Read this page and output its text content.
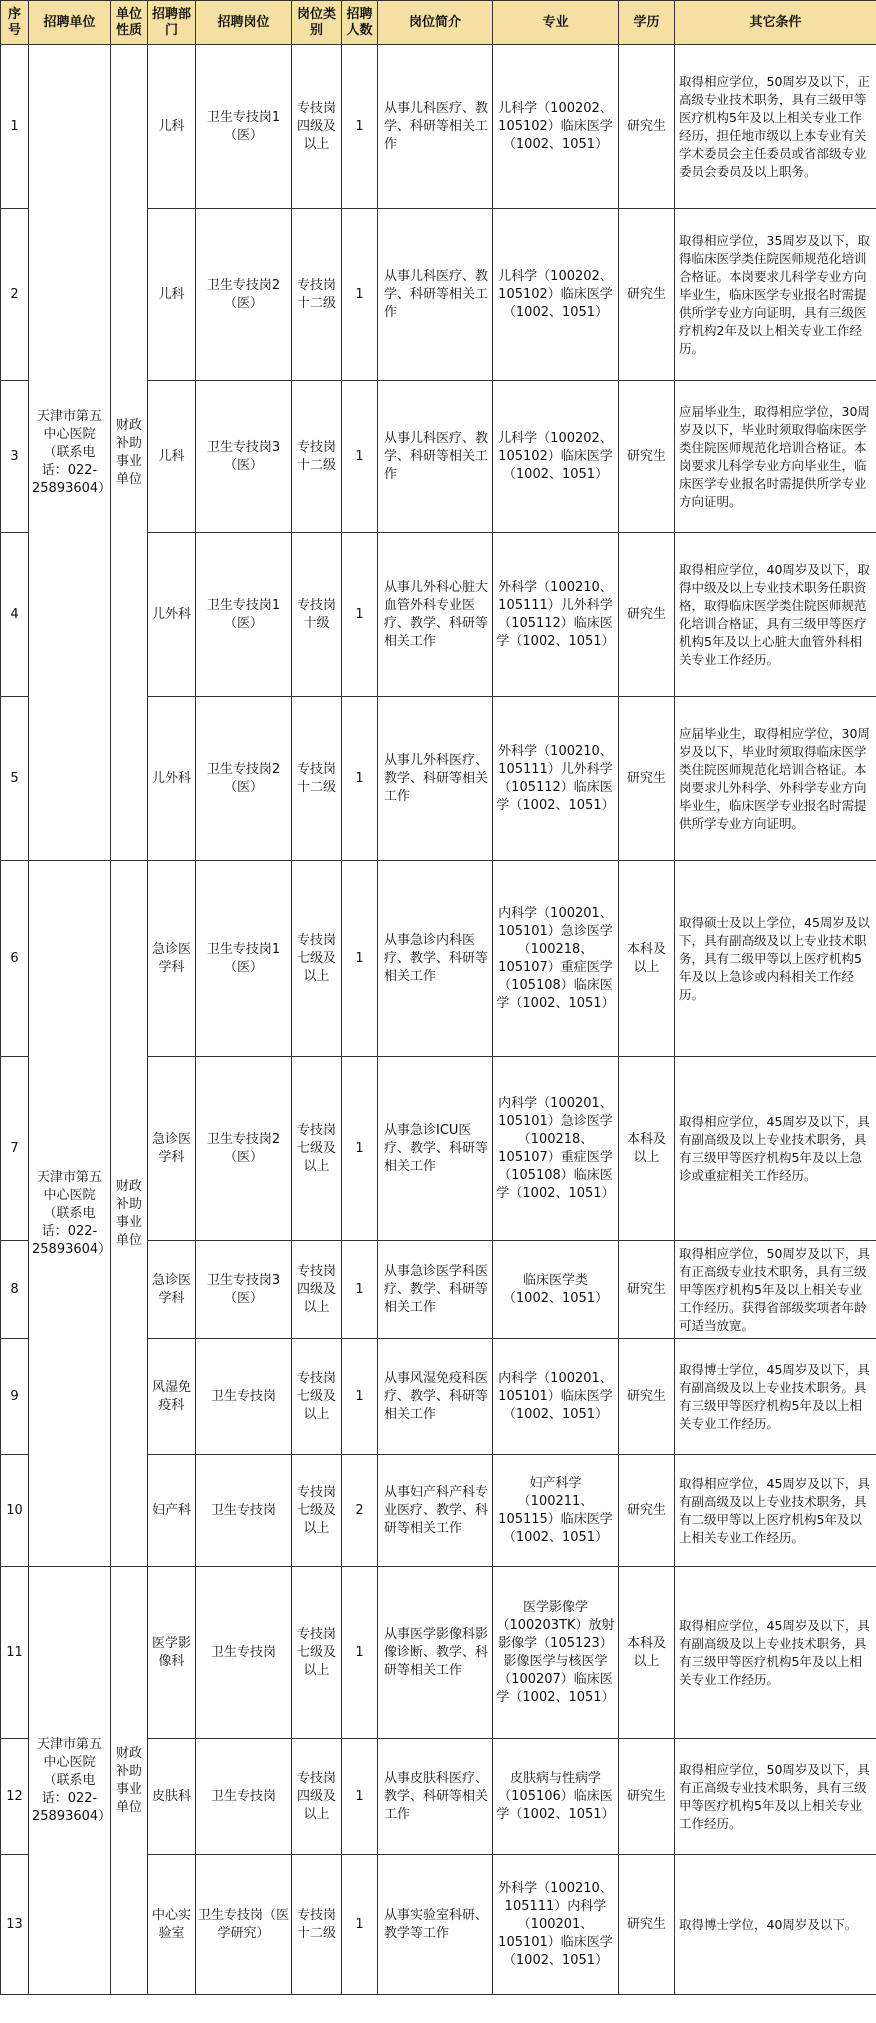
序号	招聘单位	单位性质	招聘部门	招聘岗位	岗位类别	招聘人数	岗位简介	专业	学历	其它条件
1	天津市第五中心医院（联系电话：022-25893604）	财政补助事业单位	儿科	卫生专技岗1（医）	专技岗四级及以上	1	从事儿科医疗、教学、科研等相关工作	儿科学（100202、105102）临床医学（1002、1051）	研究生	取得相应学位，50周岁及以下，正高级专业技术职务，具有三级甲等医疗机构5年及以上相关专业工作经历，担任地市级以上本专业有关学术委员会主任委员或省部级专业委员会委员及以上职务。
2			儿科	卫生专技岗2（医）	专技岗十二级	1	从事儿科医疗、教学、科研等相关工作	儿科学（100202、105102）临床医学（1002、1051）	研究生	取得相应学位，35周岁及以下，取得临床医学类住院医师规范化培训合格证。本岗要求儿科学专业方向毕业生，临床医学专业报名时需提供所学专业方向证明，具有三级医疗机构2年及以上相关专业工作经历。
3			儿科	卫生专技岗3（医）	专技岗十二级	1	从事儿科医疗、教学、科研等相关工作	儿科学（100202、105102）临床医学（1002、1051）	研究生	应届毕业生，取得相应学位，30周岁及以下，毕业时须取得临床医学类住院医师规范化培训合格证。本岗要求儿科学专业方向毕业生，临床医学专业报名时需提供所学专业方向证明。
4			儿外科	卫生专技岗1（医）	专技岗十级	1	从事儿外科心脏大血管外科专业医疗、教学、科研等相关工作	外科学（100210、105111）儿外科学（105112）临床医学（1002、1051）	研究生	取得相应学位，40周岁及以下，取得中级及以上专业技术职务任职资格，取得临床医学类住院医师规范化培训合格证，具有三级甲等医疗机构5年及以上心脏大血管外科相关专业工作经历。
5			儿外科	卫生专技岗2（医）	专技岗十二级	1	从事儿外科医疗、教学、科研等相关工作	外科学（100210、105111）儿外科学（105112）临床医学（1002、1051）	研究生	应届毕业生，取得相应学位，30周岁及以下，毕业时须取得临床医学类住院医师规范化培训合格证。本岗要求儿外科学、外科学专业方向毕业生，临床医学专业报名时需提供所学专业方向证明。
6	天津市第五中心医院（联系电话：022-25893604）	财政补助事业单位	急诊医学科	卫生专技岗1（医）	专技岗七级及以上	1	从事急诊内科医疗、教学、科研等相关工作	内科学（100201、105101）急诊医学（100218、105107）重症医学（105108）临床医学（1002、1051）	本科及以上	取得硕士及以上学位，45周岁及以下，具有副高级及以上专业技术职务，具有二级甲等以上医疗机构5年及以上急诊或内科相关工作经历。
7			急诊医学科	卫生专技岗2（医）	专技岗七级及以上	1	从事急诊ICU医疗、教学、科研等相关工作	内科学（100201、105101）急诊医学（100218、105107）重症医学（105108）临床医学（1002、1051）	本科及以上	取得相应学位，45周岁及以下，具有副高级及以上专业技术职务，具有三级甲等医疗机构5年及以上急诊或重症相关工作经历。
8			急诊医学科	卫生专技岗3（医）	专技岗四级及以上	1	从事急诊医学科医疗、教学、科研等相关工作	临床医学类（1002、1051）	研究生	取得相应学位，50周岁及以下，具有正高级专业技术职务，具有三级甲等医疗机构5年及以上相关专业工作经历。获得省部级奖项者年龄可适当放宽。
9			风湿免疫科	卫生专技岗	专技岗七级及以上	1	从事风湿免疫科医疗、教学、科研等相关工作	内科学（100201、105101）临床医学（1002、1051）	研究生	取得博士学位，45周岁及以下，具有副高级及以上专业技术职务。具有三级甲等医疗机构5年及以上相关专业工作经历。
10			妇产科	卫生专技岗	专技岗七级及以上	2	从事妇产科产科专业医疗、教学、科研等相关工作	妇产科学（100211、105115）临床医学（1002、1051）	研究生	取得相应学位，45周岁及以下，具有副高级及以上专业技术职务，具有二级甲等以上医疗机构5年及以上相关专业工作经历。
11	天津市第五中心医院（联系电话：022-25893604）	财政补助事业单位	医学影像科	卫生专技岗	专技岗七级及以上	1	从事医学影像科影像诊断、教学、科研等相关工作	医学影像学（100203TK）放射影像学（105123）影像医学与核医学（100207）临床医学（1002、1051）	本科及以上	取得相应学位，45周岁及以下，具有副高级及以上专业技术职务，具有三级甲等医疗机构5年及以上相关专业工作经历。
12			皮肤科	卫生专技岗	专技岗四级及以上	1	从事皮肤科医疗、教学、科研等相关工作	皮肤病与性病学（105106）临床医学（1002、1051）	研究生	取得相应学位，50周岁及以下，具有正高级专业技术职务，具有三级甲等医疗机构5年及以上相关专业工作经历。
13			中心实验室	卫生专技岗（医学研究）	专技岗十二级	1	从事实验室科研、教学等工作	外科学（100210、105111）内科学（100201、105101）临床医学（1002、1051）	研究生	取得博士学位，40周岁及以下。
